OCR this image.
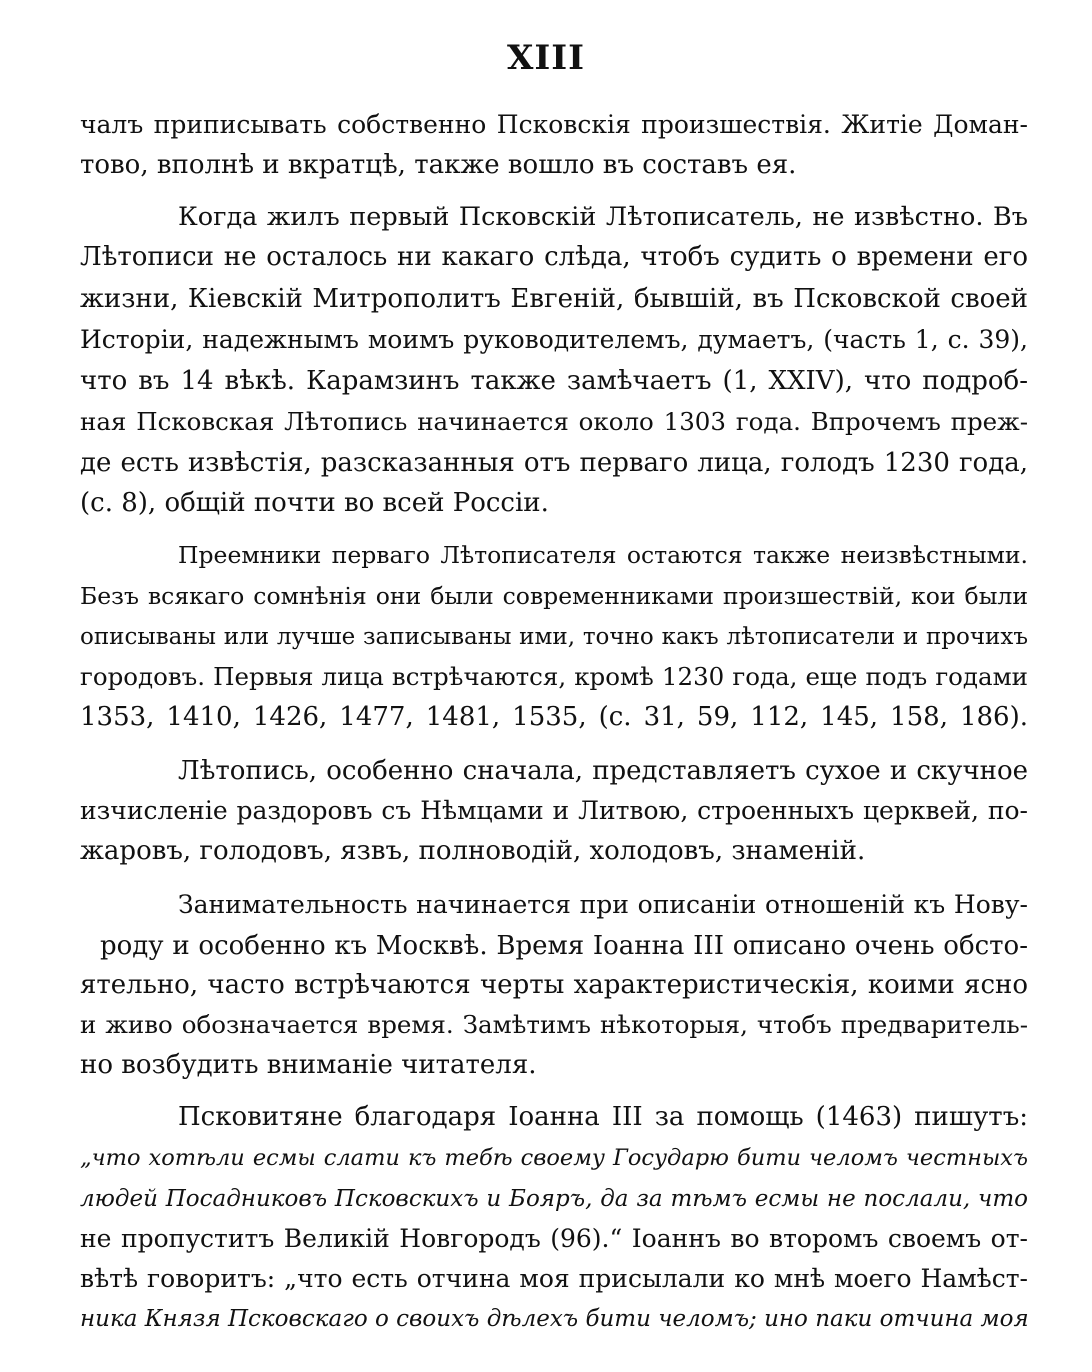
XIII
чалъ приписывать собственно Псковскія произшествія. Житіе Доман-
тово, вполнѣ и вкратцѣ, также вошло въ составъ ея.
Когда жилъ первый Псковскій Лѣтописатель, не извѣстно. Въ
Лѣтописи не осталось ни какаго слѣда, чтобъ судить о времени его
жизни, Кіевскій Митрополитъ Евгеній, бывшій, въ Псковской своей
Исторіи, надежнымъ моимъ руководителемъ, думаетъ, (часть 1, с. 39),
что въ 14 вѣкѣ. Карамзинъ также замѣчаетъ (1, XXIV), что подроб-
ная Псковская Лѣтопись начинается около 1303 года. Впрочемъ преж-
де есть извѣстія, разсказанныя отъ перваго лица, голодъ 1230 года,
(с. 8), общій почти во всей Россіи.
Преемники перваго Лѣтописателя остаются также неизвѣстными.
Безъ всякаго сомнѣнія они были современниками произшествій, кои были
описываны или лучше записываны ими, точно какъ лѣтописатели и прочихъ
городовъ. Первыя лица встрѣчаются, кромѣ 1230 года, еще подъ годами
1353, 1410, 1426, 1477, 1481, 1535, (с. 31, 59, 112, 145, 158, 186).
Лѣтопись, особенно сначала, представляетъ сухое и скучное
изчисленіе раздоровъ съ Нѣмцами и Литвою, строенныхъ церквей, по-
жаровъ, голодовъ, язвъ, полноводій, холодовъ, знаменій.
Занимательность начинается при описаніи отношеній къ Нову-
роду и особенно къ Москвѣ. Время Іоанна III описано очень обсто-
ятельно, часто встрѣчаются черты характеристическія, коими ясно
и живо обозначается время. Замѣтимъ нѣкоторыя, чтобъ предваритель-
но возбудить вниманіе читателя.
Псковитяне благодаря Іоанна III за помощь (1463) пишутъ:
„что хотѣли есмы слати къ тебѣ своему Государю бити челомъ честныхъ
людей Посадниковъ Псковскихъ и Бояръ, да за тѣмъ есмы не послали, что
не пропуститъ Великій Новгородъ (96).“ Іоаннъ во второмъ своемъ от-
вѣтѣ говоритъ: „что есть отчина моя присылали ко мнѣ моего Намѣст-
ника Князя Псковскаго о своихъ дѣлехъ бити челомъ; ино паки отчина моя
